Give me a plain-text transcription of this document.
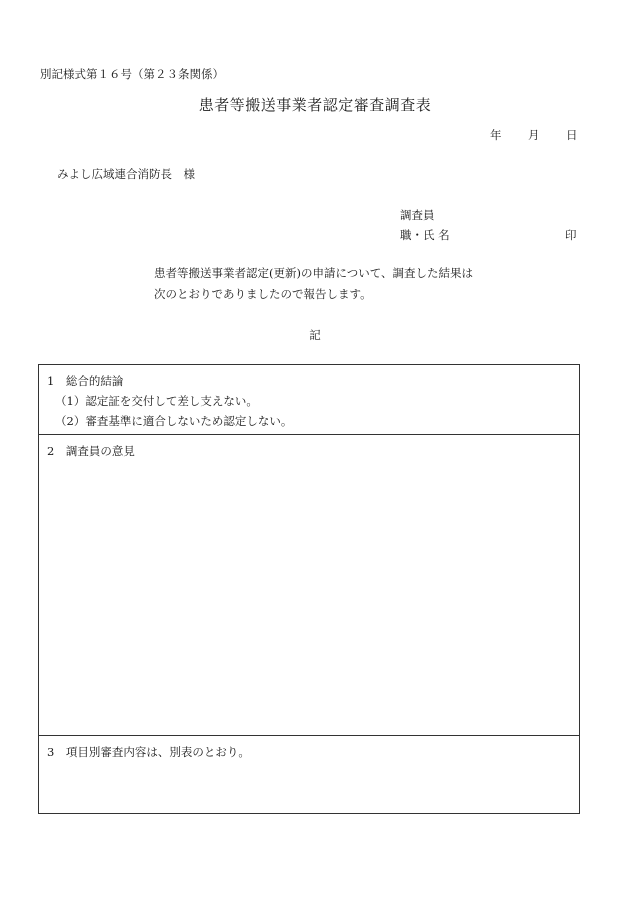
別記様式第１６号（第２３条関係）
患者等搬送事業者認定審査調査表
年	月	日
みよし広域連合消防長　様
調査員
職・氏 名	印
患者等搬送事業者認定(更新)の申請について、調査した結果は
次のとおりでありましたので報告します。
記
1　総合的結論
（1）認定証を交付して差し支えない。
（2）審査基準に適合しないため認定しない。
2　調査員の意見
3　項目別審査内容は、別表のとおり。
